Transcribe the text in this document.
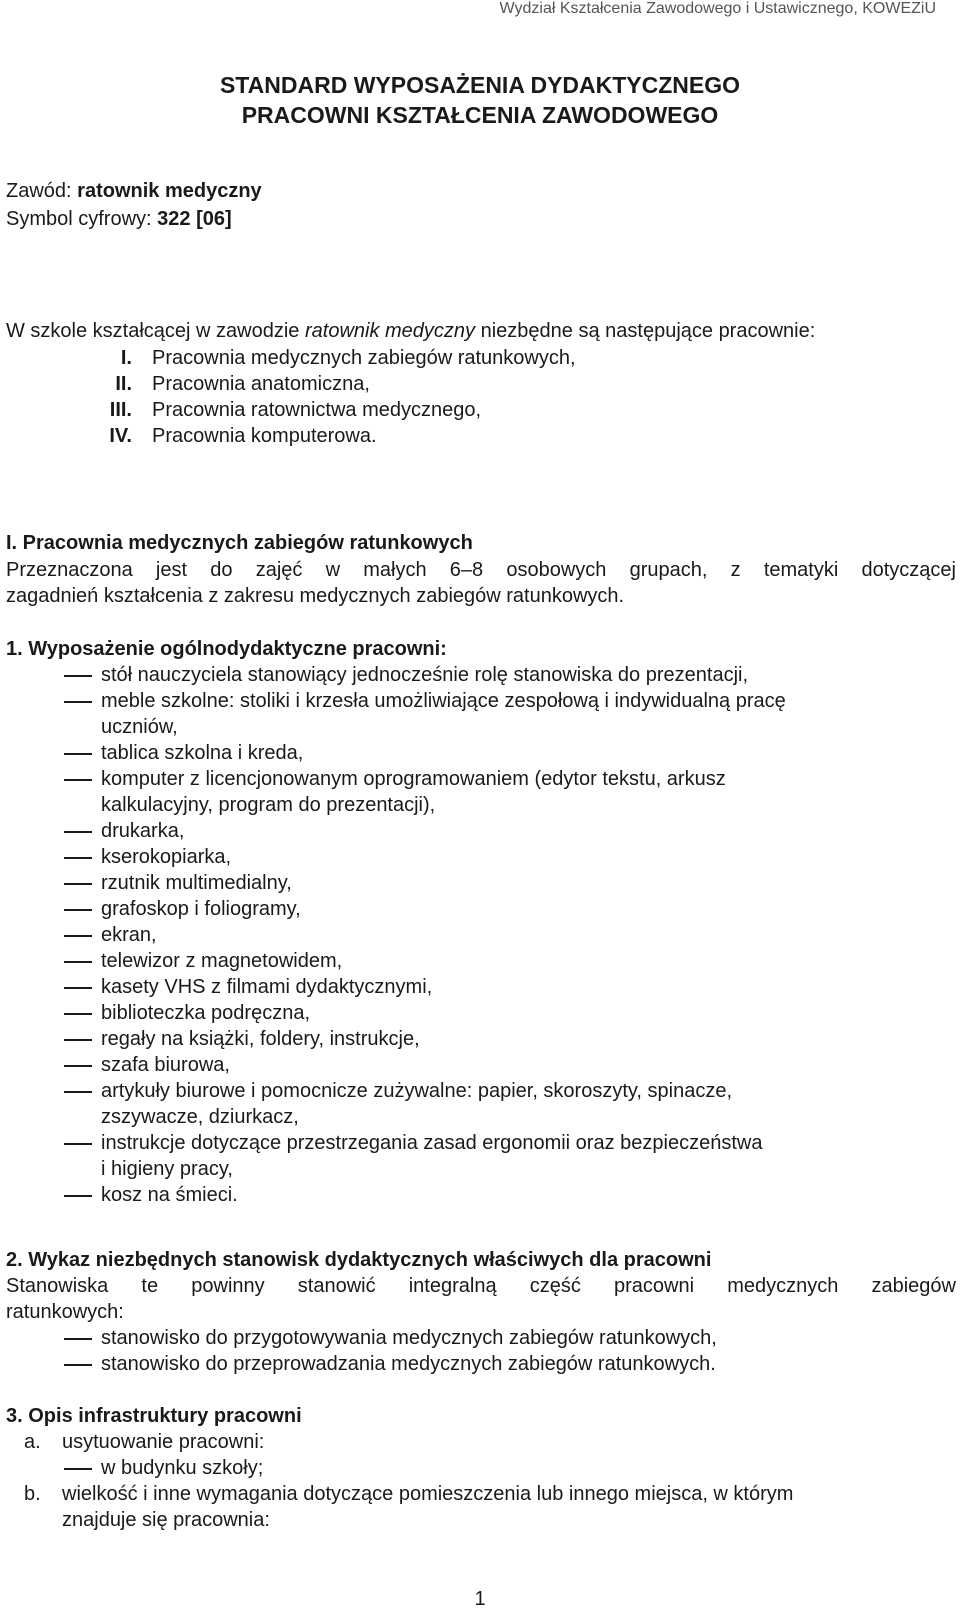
Wydział Kształcenia Zawodowego i Ustawicznego, KOWEZiU
STANDARD WYPOSAŻENIA DYDAKTYCZNEGO
PRACOWNI KSZTAŁCENIA ZAWODOWEGO
Zawód: ratownik medyczny
Symbol cyfrowy: 322 [06]
W szkole kształcącej w zawodzie ratownik medyczny niezbędne są następujące pracownie:
I. Pracownia medycznych zabiegów ratunkowych,
II. Pracownia anatomiczna,
III. Pracownia ratownictwa medycznego,
IV. Pracownia komputerowa.
I. Pracownia medycznych zabiegów ratunkowych
Przeznaczona jest do zajęć w małych 6–8 osobowych grupach, z tematyki dotyczącej
zagadnień kształcenia z zakresu medycznych zabiegów ratunkowych.
1. Wyposażenie ogólnodydaktyczne pracowni:
stół nauczyciela stanowiący jednocześnie rolę stanowiska do prezentacji,
meble szkolne: stoliki i krzesła umożliwiające zespołową i indywidualną pracę
uczniów,
tablica szkolna i kreda,
komputer z licencjonowanym oprogramowaniem (edytor tekstu, arkusz
kalkulacyjny, program do prezentacji),
drukarka,
kserokopiarka,
rzutnik multimedialny,
grafoskop i foliogramy,
ekran,
telewizor z magnetowidem,
kasety VHS z filmami dydaktycznymi,
biblioteczka podręczna,
regały na książki, foldery, instrukcje,
szafa biurowa,
artykuły biurowe i pomocnicze zużywalne: papier, skoroszyty, spinacze,
zszywacze, dziurkacz,
instrukcje dotyczące przestrzegania zasad ergonomii oraz bezpieczeństwa
i higieny pracy,
kosz na śmieci.
2. Wykaz niezbędnych stanowisk dydaktycznych właściwych dla pracowni
Stanowiska te powinny stanowić integralną część pracowni medycznych zabiegów
ratunkowych:
stanowisko do przygotowywania medycznych zabiegów ratunkowych,
stanowisko do przeprowadzania medycznych zabiegów ratunkowych.
3. Opis infrastruktury pracowni
a. usytuowanie pracowni:
w budynku szkoły;
b. wielkość i inne wymagania dotyczące pomieszczenia lub innego miejsca, w którym
znajduje się pracownia:
1
